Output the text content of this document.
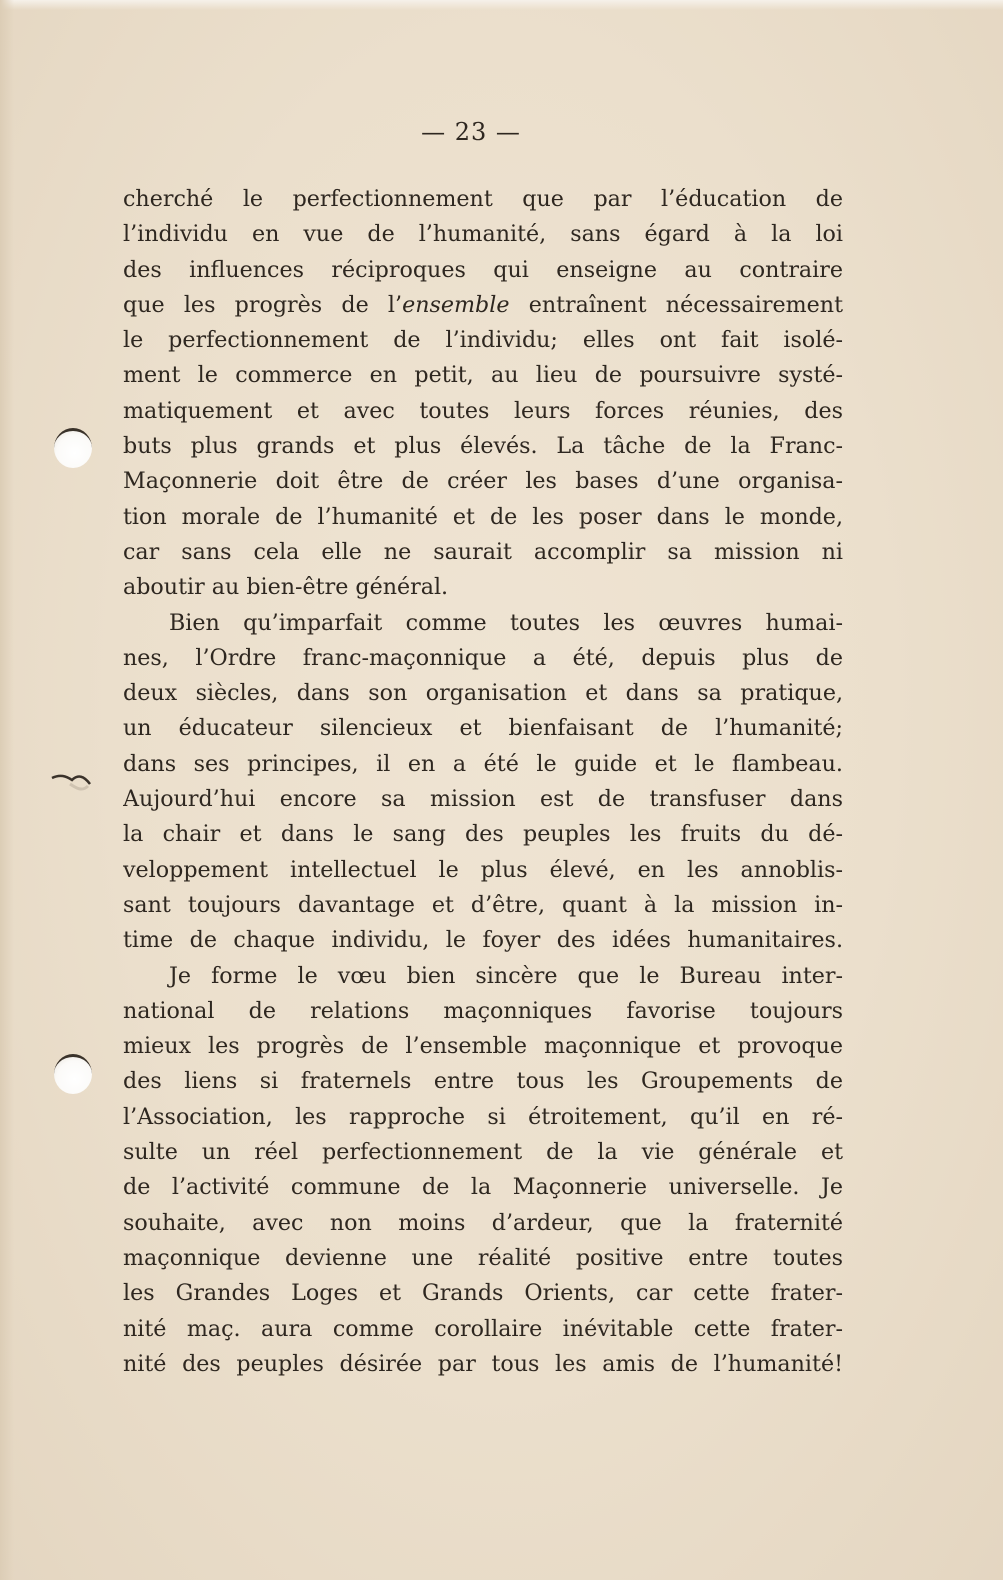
— 23 —
cherché le perfectionnement que par l’éducation de
l’individu en vue de l’humanité, sans égard à la loi
des influences réciproques qui enseigne au contraire
que les progrès de l’ensemble entraînent nécessairement
le perfectionnement de l’individu; elles ont fait isolé-
ment le commerce en petit, au lieu de poursuivre systé-
matiquement et avec toutes leurs forces réunies, des
buts plus grands et plus élevés. La tâche de la Franc-
Maçonnerie doit être de créer les bases d’une organisa-
tion morale de l’humanité et de les poser dans le monde,
car sans cela elle ne saurait accomplir sa mission ni
aboutir au bien-être général.
Bien qu’imparfait comme toutes les œuvres humai-
nes, l’Ordre franc-maçonnique a été, depuis plus de
deux siècles, dans son organisation et dans sa pratique,
un éducateur silencieux et bienfaisant de l’humanité;
dans ses principes, il en a été le guide et le flambeau.
Aujourd’hui encore sa mission est de transfuser dans
la chair et dans le sang des peuples les fruits du dé-
veloppement intellectuel le plus élevé, en les annoblis-
sant toujours davantage et d’être, quant à la mission in-
time de chaque individu, le foyer des idées humanitaires.
Je forme le vœu bien sincère que le Bureau inter-
national de relations maçonniques favorise toujours
mieux les progrès de l’ensemble maçonnique et provoque
des liens si fraternels entre tous les Groupements de
l’Association, les rapproche si étroitement, qu’il en ré-
sulte un réel perfectionnement de la vie générale et
de l’activité commune de la Maçonnerie universelle. Je
souhaite, avec non moins d’ardeur, que la fraternité
maçonnique devienne une réalité positive entre toutes
les Grandes Loges et Grands Orients, car cette frater-
nité maç. aura comme corollaire inévitable cette frater-
nité des peuples désirée par tous les amis de l’humanité!
